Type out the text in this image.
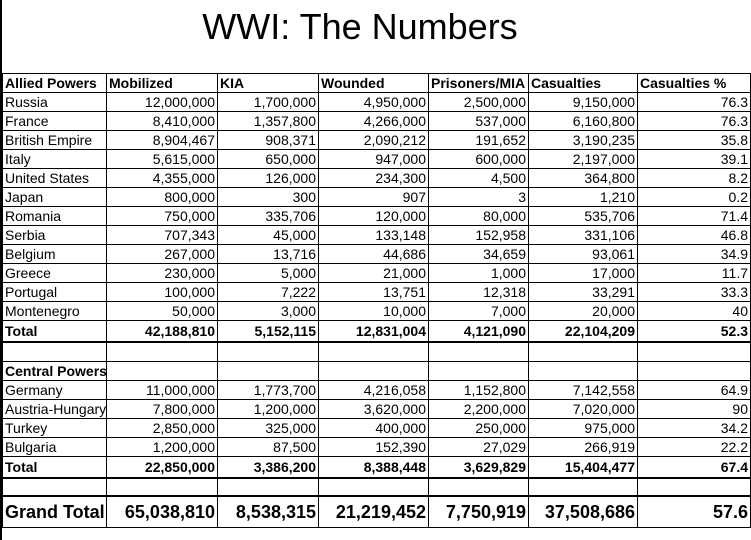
WWI: The Numbers
Allied Powers	Mobilized	KIA	Wounded	Prisoners/MIA	Casualties	Casualties %
Russia	12,000,000	1,700,000	4,950,000	2,500,000	9,150,000	76.3
France	8,410,000	1,357,800	4,266,000	537,000	6,160,800	76.3
British Empire	8,904,467	908,371	2,090,212	191,652	3,190,235	35.8
Italy	5,615,000	650,000	947,000	600,000	2,197,000	39.1
United States	4,355,000	126,000	234,300	4,500	364,800	8.2
Japan	800,000	300	907	3	1,210	0.2
Romania	750,000	335,706	120,000	80,000	535,706	71.4
Serbia	707,343	45,000	133,148	152,958	331,106	46.8
Belgium	267,000	13,716	44,686	34,659	93,061	34.9
Greece	230,000	5,000	21,000	1,000	17,000	11.7
Portugal	100,000	7,222	13,751	12,318	33,291	33.3
Montenegro	50,000	3,000	10,000	7,000	20,000	40
Total	42,188,810	5,152,115	12,831,004	4,121,090	22,104,209	52.3

Central Powers						
Germany	11,000,000	1,773,700	4,216,058	1,152,800	7,142,558	64.9
Austria-Hungary	7,800,000	1,200,000	3,620,000	2,200,000	7,020,000	90
Turkey	2,850,000	325,000	400,000	250,000	975,000	34.2
Bulgaria	1,200,000	87,500	152,390	27,029	266,919	22.2
Total	22,850,000	3,386,200	8,388,448	3,629,829	15,404,477	67.4

Grand Total	65,038,810	8,538,315	21,219,452	7,750,919	37,508,686	57.6
